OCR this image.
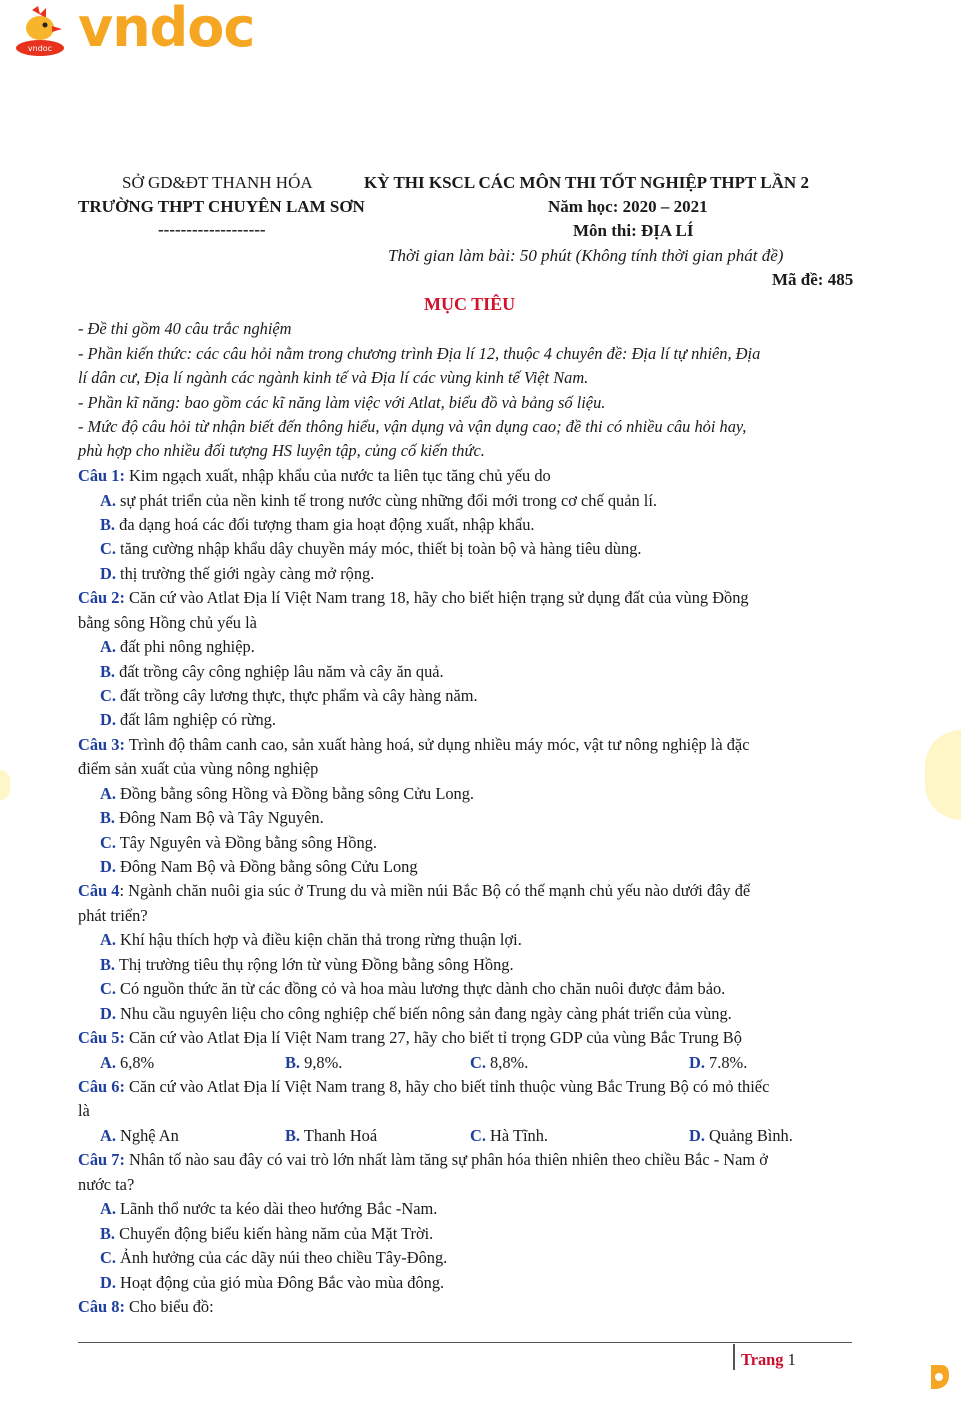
vndoc vndoc
SỞ GD&ĐT THANH HÓA	KỲ THI KSCL CÁC MÔN THI TỐT NGHIỆP THPT LẦN 2
TRƯỜNG THPT CHUYÊN LAM SƠN	Năm học: 2020 – 2021
-------------------	Môn thi: ĐỊA LÍ
Thời gian làm bài: 50 phút (Không tính thời gian phát đề)
Mã đề: 485
MỤC TIÊU
- Đề thi gồm 40 câu trắc nghiệm
- Phần kiến thức: các câu hỏi nằm trong chương trình Địa lí 12, thuộc 4 chuyên đề: Địa lí tự nhiên, Địa
lí dân cư, Địa lí ngành các ngành kinh tế và Địa lí các vùng kinh tế Việt Nam.
- Phần kĩ năng: bao gồm các kĩ năng làm việc với Atlat, biểu đồ và bảng số liệu.
- Mức độ câu hỏi từ nhận biết đến thông hiểu, vận dụng và vận dụng cao; đề thi có nhiều câu hỏi hay,
phù hợp cho nhiều đối tượng HS luyện tập, củng cố kiến thức.
Câu 1: Kim ngạch xuất, nhập khẩu của nước ta liên tục tăng chủ yếu do
A. sự phát triển của nền kinh tế trong nước cùng những đổi mới trong cơ chế quản lí.
B. đa dạng hoá các đối tượng tham gia hoạt động xuất, nhập khẩu.
C. tăng cường nhập khẩu dây chuyền máy móc, thiết bị toàn bộ và hàng tiêu dùng.
D. thị trường thế giới ngày càng mở rộng.
Câu 2: Căn cứ vào Atlat Địa lí Việt Nam trang 18, hãy cho biết hiện trạng sử dụng đất của vùng Đồng
bằng sông Hồng chủ yếu là
A. đất phi nông nghiệp.
B. đất trồng cây công nghiệp lâu năm và cây ăn quả.
C. đất trồng cây lương thực, thực phẩm và cây hàng năm.
D. đất lâm nghiệp có rừng.
Câu 3: Trình độ thâm canh cao, sản xuất hàng hoá, sử dụng nhiều máy móc, vật tư nông nghiệp là đặc
điểm sản xuất của vùng nông nghiệp
A. Đồng bằng sông Hồng và Đồng bằng sông Cửu Long.
B. Đông Nam Bộ và Tây Nguyên.
C. Tây Nguyên và Đồng bằng sông Hồng.
D. Đông Nam Bộ và Đồng bằng sông Cửu Long
Câu 4: Ngành chăn nuôi gia súc ở Trung du và miền núi Bắc Bộ có thế mạnh chủ yếu nào dưới đây để
phát triển?
A. Khí hậu thích hợp và điều kiện chăn thả trong rừng thuận lợi.
B. Thị trường tiêu thụ rộng lớn từ vùng Đồng bằng sông Hồng.
C. Có nguồn thức ăn từ các đồng cỏ và hoa màu lương thực dành cho chăn nuôi được đảm bảo.
D. Nhu cầu nguyên liệu cho công nghiệp chế biến nông sản đang ngày càng phát triển của vùng.
Câu 5: Căn cứ vào Atlat Địa lí Việt Nam trang 27, hãy cho biết tỉ trọng GDP của vùng Bắc Trung Bộ
A. 6,8%	B. 9,8%.	C. 8,8%.	D. 7.8%.
Câu 6: Căn cứ vào Atlat Địa lí Việt Nam trang 8, hãy cho biết tỉnh thuộc vùng Bắc Trung Bộ có mỏ thiếc
là
A. Nghệ An	B. Thanh Hoá	C. Hà Tĩnh.	D. Quảng Bình.
Câu 7: Nhân tố nào sau đây có vai trò lớn nhất làm tăng sự phân hóa thiên nhiên theo chiều Bắc - Nam ở
nước ta?
A. Lãnh thổ nước ta kéo dài theo hướng Bắc -Nam.
B. Chuyển động biểu kiến hàng năm của Mặt Trời.
C. Ảnh hưởng của các dãy núi theo chiều Tây-Đông.
D. Hoạt động của gió mùa Đông Bắc vào mùa đông.
Câu 8: Cho biểu đồ:
Trang 1
